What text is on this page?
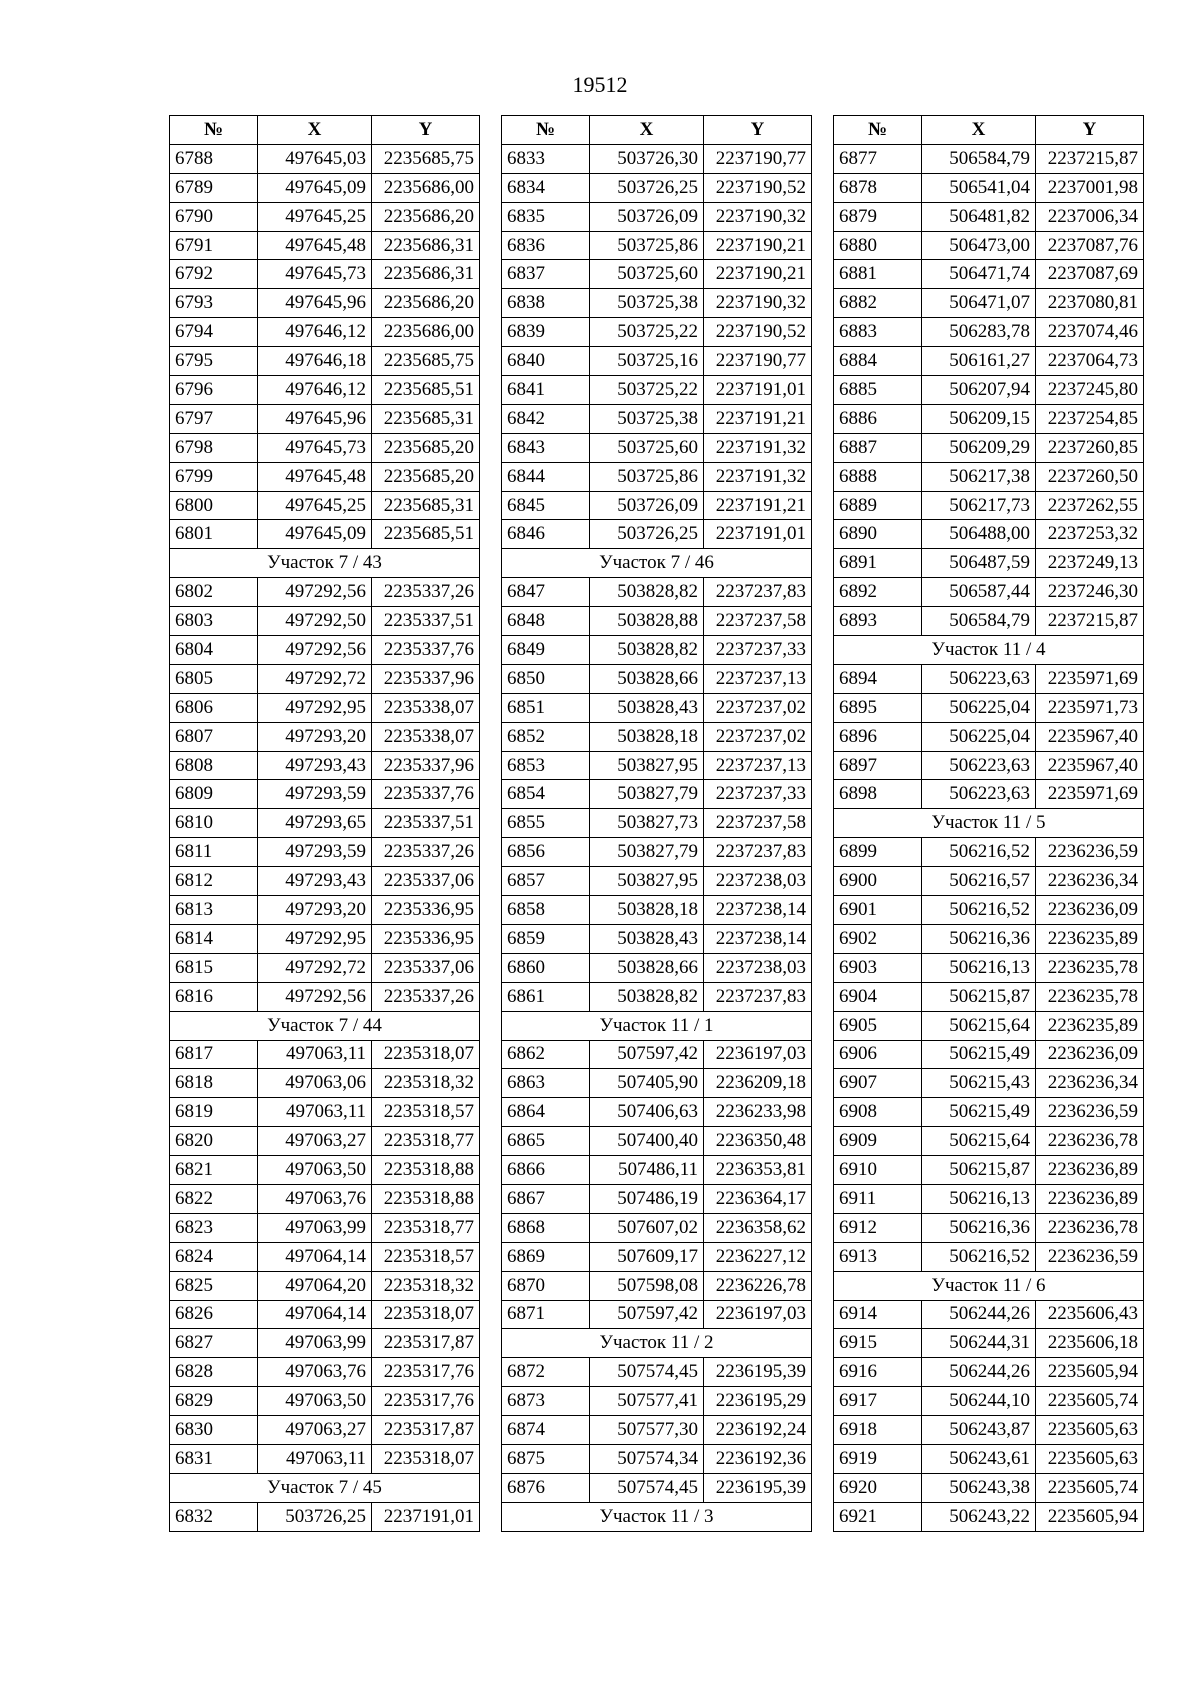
19512
№	X	Y
6788	497645,03	2235685,75
6789	497645,09	2235686,00
6790	497645,25	2235686,20
6791	497645,48	2235686,31
6792	497645,73	2235686,31
6793	497645,96	2235686,20
6794	497646,12	2235686,00
6795	497646,18	2235685,75
6796	497646,12	2235685,51
6797	497645,96	2235685,31
6798	497645,73	2235685,20
6799	497645,48	2235685,20
6800	497645,25	2235685,31
6801	497645,09	2235685,51
Участок 7 / 43		
6802	497292,56	2235337,26
6803	497292,50	2235337,51
6804	497292,56	2235337,76
6805	497292,72	2235337,96
6806	497292,95	2235338,07
6807	497293,20	2235338,07
6808	497293,43	2235337,96
6809	497293,59	2235337,76
6810	497293,65	2235337,51
6811	497293,59	2235337,26
6812	497293,43	2235337,06
6813	497293,20	2235336,95
6814	497292,95	2235336,95
6815	497292,72	2235337,06
6816	497292,56	2235337,26
Участок 7 / 44		
6817	497063,11	2235318,07
6818	497063,06	2235318,32
6819	497063,11	2235318,57
6820	497063,27	2235318,77
6821	497063,50	2235318,88
6822	497063,76	2235318,88
6823	497063,99	2235318,77
6824	497064,14	2235318,57
6825	497064,20	2235318,32
6826	497064,14	2235318,07
6827	497063,99	2235317,87
6828	497063,76	2235317,76
6829	497063,50	2235317,76
6830	497063,27	2235317,87
6831	497063,11	2235318,07
Участок 7 / 45		
6832	503726,25	2237191,01
№	X	Y
6833	503726,30	2237190,77
6834	503726,25	2237190,52
6835	503726,09	2237190,32
6836	503725,86	2237190,21
6837	503725,60	2237190,21
6838	503725,38	2237190,32
6839	503725,22	2237190,52
6840	503725,16	2237190,77
6841	503725,22	2237191,01
6842	503725,38	2237191,21
6843	503725,60	2237191,32
6844	503725,86	2237191,32
6845	503726,09	2237191,21
6846	503726,25	2237191,01
Участок 7 / 46		
6847	503828,82	2237237,83
6848	503828,88	2237237,58
6849	503828,82	2237237,33
6850	503828,66	2237237,13
6851	503828,43	2237237,02
6852	503828,18	2237237,02
6853	503827,95	2237237,13
6854	503827,79	2237237,33
6855	503827,73	2237237,58
6856	503827,79	2237237,83
6857	503827,95	2237238,03
6858	503828,18	2237238,14
6859	503828,43	2237238,14
6860	503828,66	2237238,03
6861	503828,82	2237237,83
Участок 11 / 1		
6862	507597,42	2236197,03
6863	507405,90	2236209,18
6864	507406,63	2236233,98
6865	507400,40	2236350,48
6866	507486,11	2236353,81
6867	507486,19	2236364,17
6868	507607,02	2236358,62
6869	507609,17	2236227,12
6870	507598,08	2236226,78
6871	507597,42	2236197,03
Участок 11 / 2		
6872	507574,45	2236195,39
6873	507577,41	2236195,29
6874	507577,30	2236192,24
6875	507574,34	2236192,36
6876	507574,45	2236195,39
Участок 11 / 3		
№	X	Y
6877	506584,79	2237215,87
6878	506541,04	2237001,98
6879	506481,82	2237006,34
6880	506473,00	2237087,76
6881	506471,74	2237087,69
6882	506471,07	2237080,81
6883	506283,78	2237074,46
6884	506161,27	2237064,73
6885	506207,94	2237245,80
6886	506209,15	2237254,85
6887	506209,29	2237260,85
6888	506217,38	2237260,50
6889	506217,73	2237262,55
6890	506488,00	2237253,32
6891	506487,59	2237249,13
6892	506587,44	2237246,30
6893	506584,79	2237215,87
Участок 11 / 4		
6894	506223,63	2235971,69
6895	506225,04	2235971,73
6896	506225,04	2235967,40
6897	506223,63	2235967,40
6898	506223,63	2235971,69
Участок 11 / 5		
6899	506216,52	2236236,59
6900	506216,57	2236236,34
6901	506216,52	2236236,09
6902	506216,36	2236235,89
6903	506216,13	2236235,78
6904	506215,87	2236235,78
6905	506215,64	2236235,89
6906	506215,49	2236236,09
6907	506215,43	2236236,34
6908	506215,49	2236236,59
6909	506215,64	2236236,78
6910	506215,87	2236236,89
6911	506216,13	2236236,89
6912	506216,36	2236236,78
6913	506216,52	2236236,59
Участок 11 / 6		
6914	506244,26	2235606,43
6915	506244,31	2235606,18
6916	506244,26	2235605,94
6917	506244,10	2235605,74
6918	506243,87	2235605,63
6919	506243,61	2235605,63
6920	506243,38	2235605,74
6921	506243,22	2235605,94
